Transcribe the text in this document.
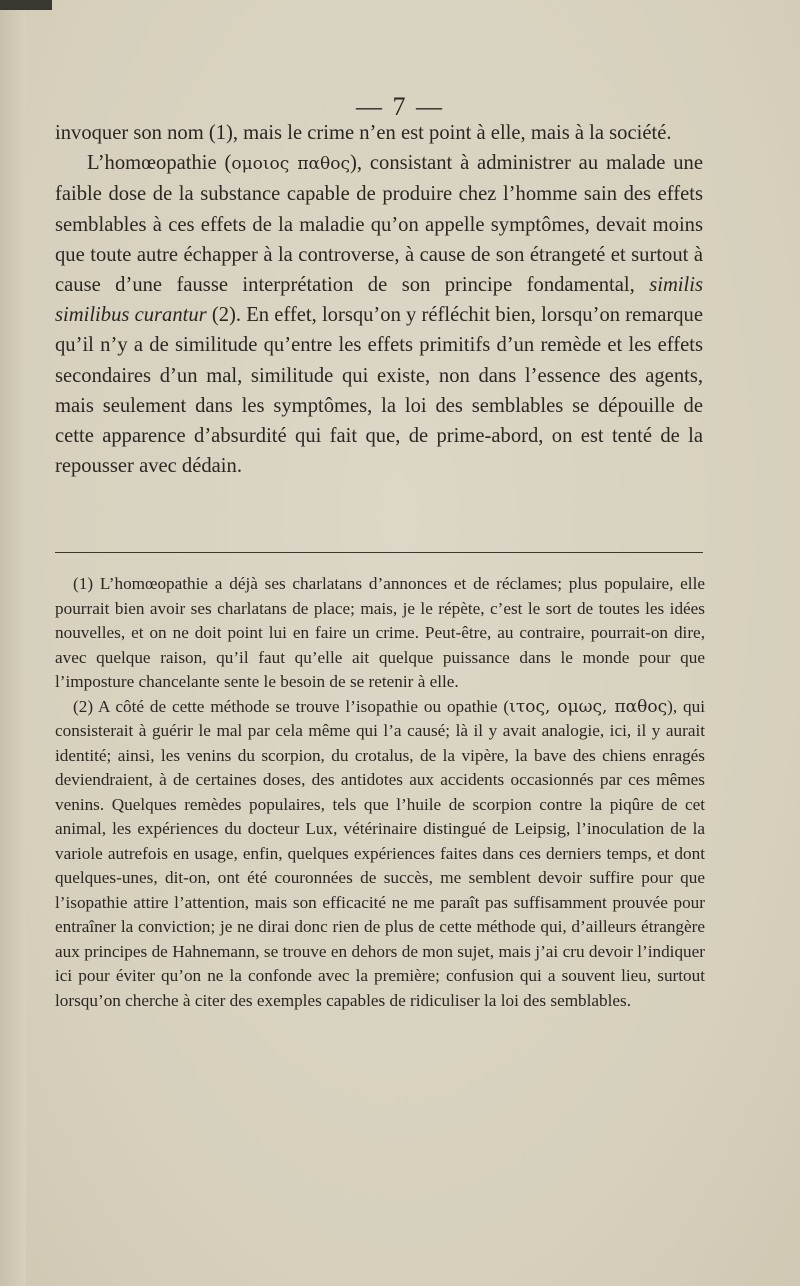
— 7 —

invoquer son nom (1), mais le crime n’en est point à elle, mais à la société.

L’homœopathie (ομοιος παθος), consistant à administrer au malade une faible dose de la substance capable de produire chez l’homme sain des effets semblables à ces effets de la maladie qu’on appelle symptômes, devait moins que toute autre échapper à la controverse, à cause de son étrangeté et surtout à cause d’une fausse interprétation de son principe fondamental, similis similibus curantur (2). En effet, lorsqu’on y réfléchit bien, lorsqu’on remarque qu’il n’y a de similitude qu’entre les effets primitifs d’un remède et les effets secondaires d’un mal, similitude qui existe, non dans l’essence des agents, mais seulement dans les symptômes, la loi des semblables se dépouille de cette apparence d’absurdité qui fait que, de prime-abord, on est tenté de la repousser avec dédain.

(1) L’homœopathie a déjà ses charlatans d’annonces et de réclames; plus populaire, elle pourrait bien avoir ses charlatans de place; mais, je le répète, c’est le sort de toutes les idées nouvelles, et on ne doit point lui en faire un crime. Peut-être, au contraire, pourrait-on dire, avec quelque raison, qu’il faut qu’elle ait quelque puissance dans le monde pour que l’imposture chancelante sente le besoin de se retenir à elle.

(2) A côté de cette méthode se trouve l’isopathie ou opathie (ιτος, ομως, παθος), qui consisterait à guérir le mal par cela même qui l’a causé; là il y avait analogie, ici, il y aurait identité; ainsi, les venins du scorpion, du crotalus, de la vipère, la bave des chiens enragés deviendraient, à de certaines doses, des antidotes aux accidents occasionnés par ces mêmes venins. Quelques remèdes populaires, tels que l’huile de scorpion contre la piqûre de cet animal, les expériences du docteur Lux, vétérinaire distingué de Leipsig, l’inoculation de la variole autrefois en usage, enfin, quelques expériences faites dans ces derniers temps, et dont quelques-unes, dit-on, ont été couronnées de succès, me semblent devoir suffire pour que l’isopathie attire l’attention, mais son efficacité ne me paraît pas suffisamment prouvée pour entraîner la conviction; je ne dirai donc rien de plus de cette méthode qui, d’ailleurs étrangère aux principes de Hahnemann, se trouve en dehors de mon sujet, mais j’ai cru devoir l’indiquer ici pour éviter qu’on ne la confonde avec la première; confusion qui a souvent lieu, surtout lorsqu’on cherche à citer des exemples capables de ridiculiser la loi des semblables.
